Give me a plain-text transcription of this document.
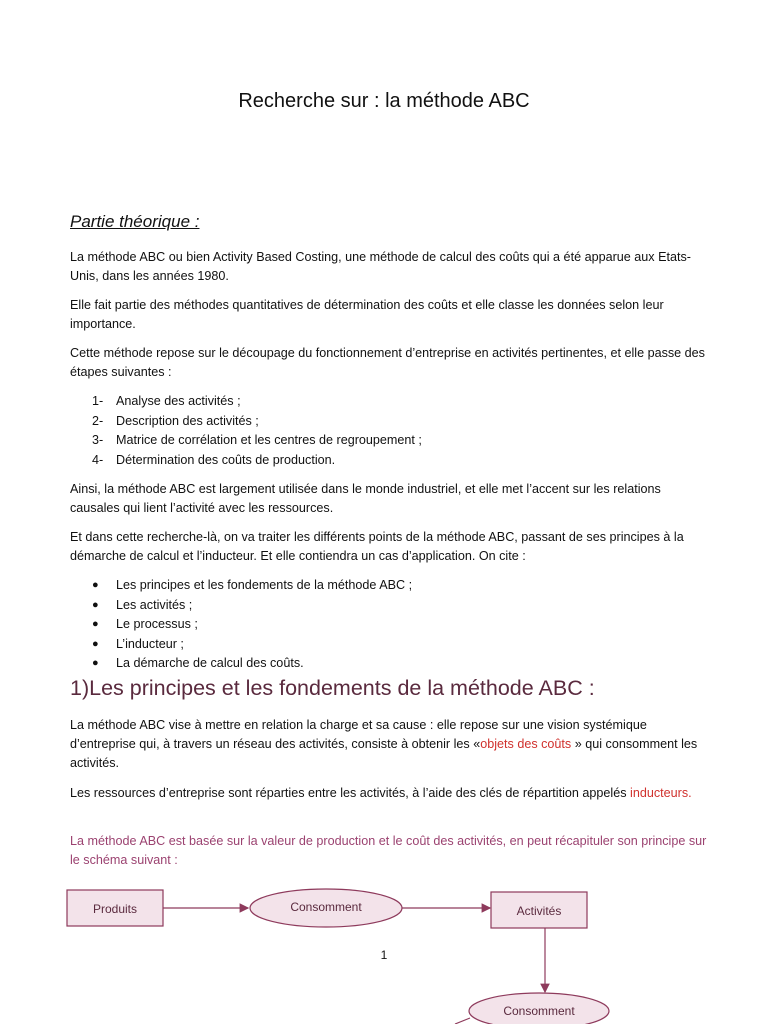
Recherche sur : la méthode ABC
Partie théorique :

La méthode ABC ou bien Activity Based Costing, une méthode de calcul des coûts qui a été apparue aux Etats-Unis, dans les années 1980.

Elle fait partie des méthodes quantitatives de détermination des coûts et elle classe les données selon leur importance.

Cette méthode repose sur le découpage du fonctionnement d’entreprise en activités pertinentes, et elle passe des étapes suivantes :

1- Analyse des activités ;
2- Description des activités ;
3- Matrice de corrélation et les centres de regroupement ;
4- Détermination des coûts de production.

Ainsi, la méthode ABC est largement utilisée dans le monde industriel, et elle met l’accent sur les relations causales qui lient l’activité avec les ressources.

Et dans cette recherche-là, on va traiter les différents points de la méthode ABC, passant de ses principes à la démarche de calcul et l’inducteur. Et elle contiendra un cas d’application. On cite :

● Les principes et les fondements de la méthode ABC ;
● Les activités ;
● Le processus ;
● L’inducteur ;
● La démarche de calcul des coûts.
1)Les principes et les fondements de la méthode ABC :

La méthode ABC vise à mettre en relation la charge et sa cause : elle repose sur une vision systémique d’entreprise qui, à travers un réseau des activités, consiste à obtenir les «objets des coûts » qui consomment les activités.

Les ressources d’entreprise sont réparties entre les activités, à l’aide des clés de répartition appelés inducteurs.

La méthode ABC est basée sur la valeur de production et le coût des activités, en peut récapituler son principe sur le schéma suivant :

Produits	Consomment	Activités
Consomment
1
